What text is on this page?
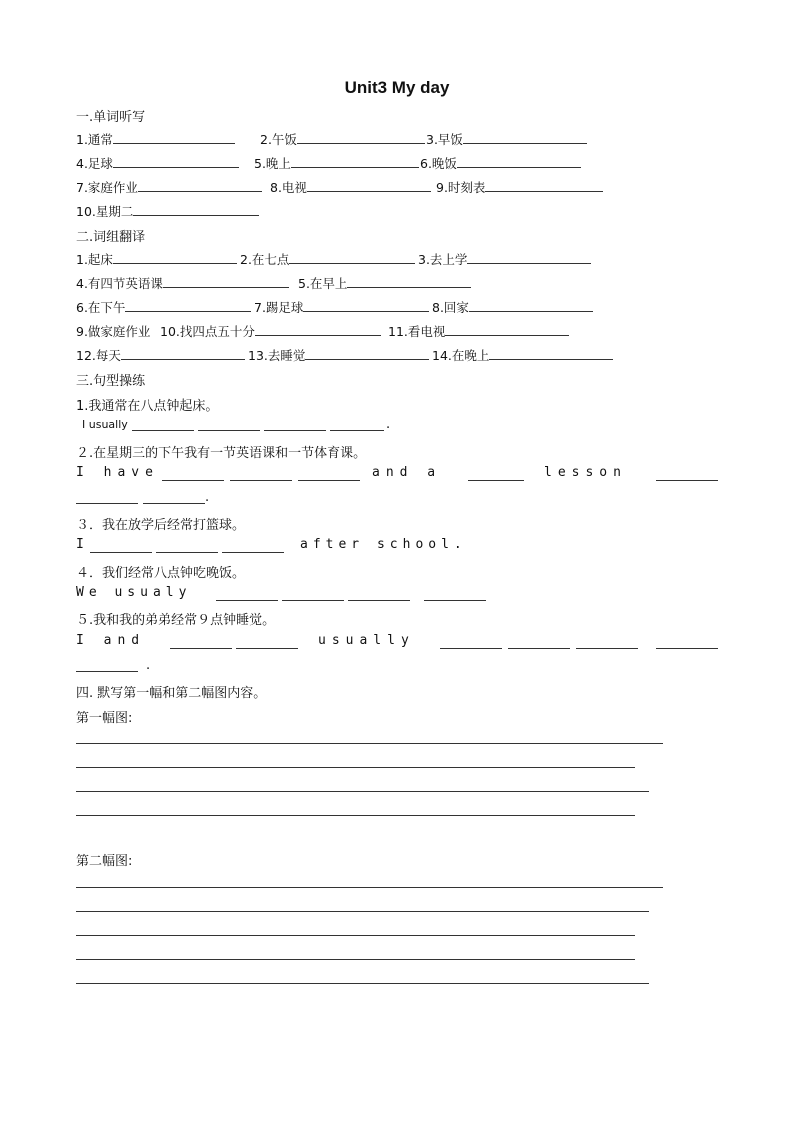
Unit3 My day
一.单词听写
1.通常	2.午饭	3.早饭
4.足球	5.晚上	6.晚饭
7.家庭作业	8.电视	9.时刻表
10.星期二
二.词组翻译
1.起床	2.在七点	3.去上学
4.有四节英语课	5.在早上
6.在下午	7.踢足球	8.回家
9.做家庭作业 10.找四点五十分	11.看电视
12.每天	13.去睡觉	14.在晚上
三.句型操练
1.我通常在八点钟起床。
I usually	.
２.在星期三的下午我有一节英语课和一节体育课。
I have	and a	lesson
.
３．我在放学后经常打篮球。
I	after school.
４．我们经常八点钟吃晚饭。
We usualy
５.我和我的弟弟经常９点钟睡觉。
I and	usually
.
四. 默写第一幅和第二幅图内容。
第一幅图:
第二幅图:
